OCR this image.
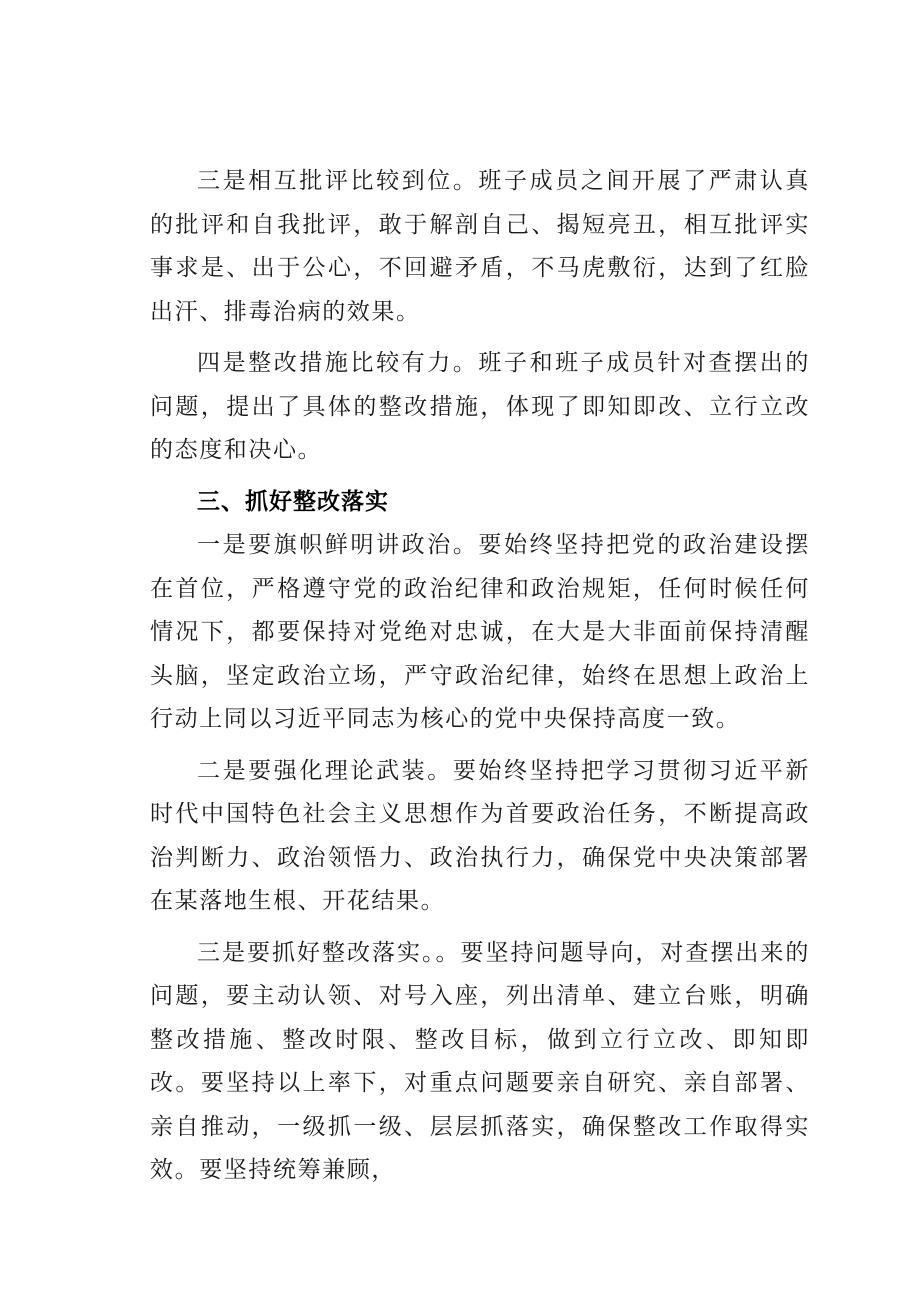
三是相互批评比较到位。班子成员之间开展了严肃认真的批评和自我批评，敢于解剖自己、揭短亮丑，相互批评实事求是、出于公心，不回避矛盾，不马虎敷衍，达到了红脸出汗、排毒治病的效果。

四是整改措施比较有力。班子和班子成员针对查摆出的问题，提出了具体的整改措施，体现了即知即改、立行立改的态度和决心。

三、抓好整改落实

一是要旗帜鲜明讲政治。要始终坚持把党的政治建设摆在首位，严格遵守党的政治纪律和政治规矩，任何时候任何情况下，都要保持对党绝对忠诚，在大是大非面前保持清醒头脑，坚定政治立场，严守政治纪律，始终在思想上政治上行动上同以习近平同志为核心的党中央保持高度一致。

二是要强化理论武装。要始终坚持把学习贯彻习近平新时代中国特色社会主义思想作为首要政治任务，不断提高政治判断力、政治领悟力、政治执行力，确保党中央决策部署在某落地生根、开花结果。

三是要抓好整改落实。。要坚持问题导向，对查摆出来的问题，要主动认领、对号入座，列出清单、建立台账，明确整改措施、整改时限、整改目标，做到立行立改、即知即改。要坚持以上率下，对重点问题要亲自研究、亲自部署、亲自推动，一级抓一级、层层抓落实，确保整改工作取得实效。要坚持统筹兼顾，
